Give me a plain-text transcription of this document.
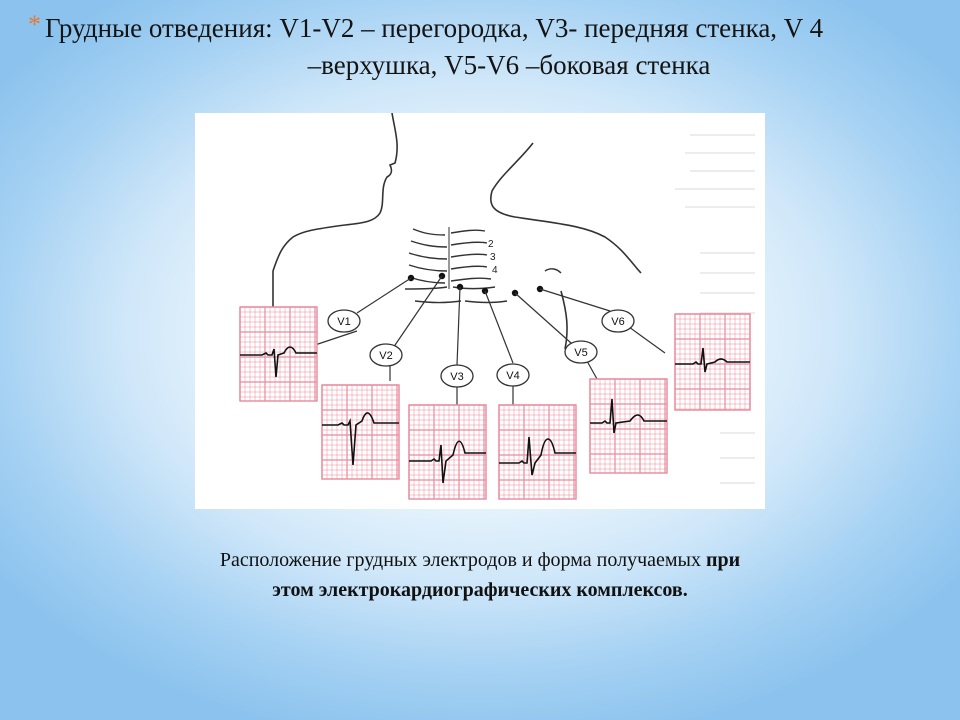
* Грудные отведения: V1-V2 – перегородка, V3- передняя стенка, V 4
–верхушка, V5-V6 –боковая стенка
2
3
4
V1
V2
V3	V4
V5
V6
Расположение грудных электродов и форма получаемых при
этом электрокардиографических комплексов.
